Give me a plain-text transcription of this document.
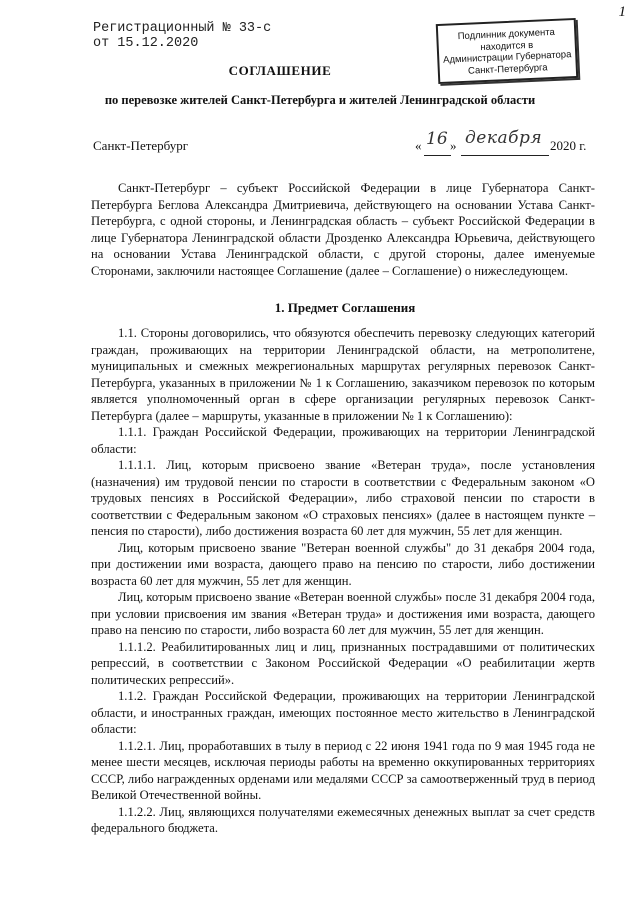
Регистрационный № 33-с
от 15.12.2020
1
Подлинник документа
находится в
Администрации Губернатора
Санкт-Петербурга
СОГЛАШЕНИЕ
по перевозке жителей Санкт-Петербурга и жителей Ленинградской области
Санкт-Петербург	« 16 » декабря 2020 г.

Санкт-Петербург – субъект Российской Федерации в лице Губернатора Санкт-Петербурга Беглова Александра Дмитриевича, действующего на основании Устава Санкт-Петербурга, с одной стороны, и Ленинградская область – субъект Российской Федерации в лице Губернатора Ленинградской области Дрозденко Александра Юрьевича, действующего на основании Устава Ленинградской области, с другой стороны, далее именуемые Сторонами, заключили настоящее Соглашение (далее – Соглашение) о нижеследующем.

1. Предмет Соглашения

1.1. Стороны договорились, что обязуются обеспечить перевозку следующих категорий граждан, проживающих на территории Ленинградской области, на метрополитене, муниципальных и смежных межрегиональных маршрутах регулярных перевозок Санкт-Петербурга, указанных в приложении № 1 к Соглашению, заказчиком перевозок по которым является уполномоченный орган в сфере организации регулярных перевозок Санкт-Петербурга (далее – маршруты, указанные в приложении № 1 к Соглашению):

1.1.1. Граждан Российской Федерации, проживающих на территории Ленинградской области:

1.1.1.1. Лиц, которым присвоено звание «Ветеран труда», после установления (назначения) им трудовой пенсии по старости в соответствии с Федеральным законом «О трудовых пенсиях в Российской Федерации», либо страховой пенсии по старости в соответствии с Федеральным законом «О страховых пенсиях» (далее в настоящем пункте – пенсия по старости), либо достижения возраста 60 лет для мужчин, 55 лет для женщин.

Лиц, которым присвоено звание "Ветеран военной службы" до 31 декабря 2004 года, при достижении ими возраста, дающего право на пенсию по старости, либо достижении возраста 60 лет для мужчин, 55 лет для женщин.

Лиц, которым присвоено звание «Ветеран военной службы» после 31 декабря 2004 года, при условии присвоения им звания «Ветеран труда» и достижения ими возраста, дающего право на пенсию по старости, либо возраста 60 лет для мужчин, 55 лет для женщин.

1.1.1.2. Реабилитированных лиц и лиц, признанных пострадавшими от политических репрессий, в соответствии с Законом Российской Федерации «О реабилитации жертв политических репрессий».

1.1.2. Граждан Российской Федерации, проживающих на территории Ленинградской области, и иностранных граждан, имеющих постоянное место жительство в Ленинградской области:

1.1.2.1. Лиц, проработавших в тылу в период с 22 июня 1941 года по 9 мая 1945 года не менее шести месяцев, исключая периоды работы на временно оккупированных территориях СССР, либо награжденных орденами или медалями СССР за самоотверженный труд в период Великой Отечественной войны.

1.1.2.2. Лиц, являющихся получателями ежемесячных денежных выплат за счет средств федерального бюджета.
